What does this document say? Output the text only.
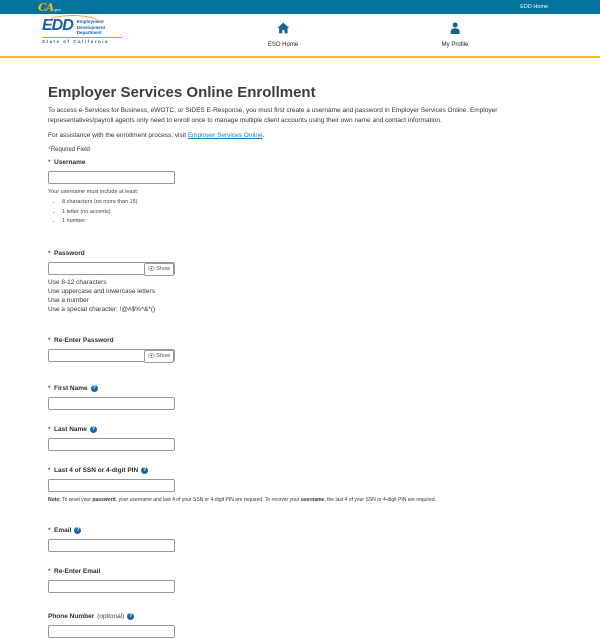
CA gov	EDD Home
EDD Employment
Development
Department
State of California
ESO Home	My Profile
Employer Services Online Enrollment

To access e-Services for Business, eWOTC, or SIDES E-Response, you must first create a username and password in Employer Services Online. Employer representatives/payroll agents only need to enroll once to manage multiple client accounts using their own name and contact information.

For assistance with the enrollment process, visit Employer Services Online.

*Required Field

* Username
Your username must include at least:
• 8 characters (no more than 15)
• 1 letter (no accents)
• 1 number
* Password
Show
Use 8-12 characters
Use uppercase and lowercase letters
Use a number
Use a special character: !@#$%^&*()
* Re-Enter Password
Show
* First Name ?
* Last Name ?
* Last 4 of SSN or 4-digit PIN ?
Note: To reset your password, your username and last 4 of your SSN or 4-digit PIN are required. To recover your username, the last 4 of your SSN or 4-digit PIN are required.
* Email ?
* Re-Enter Email
Phone Number (optional) ?
